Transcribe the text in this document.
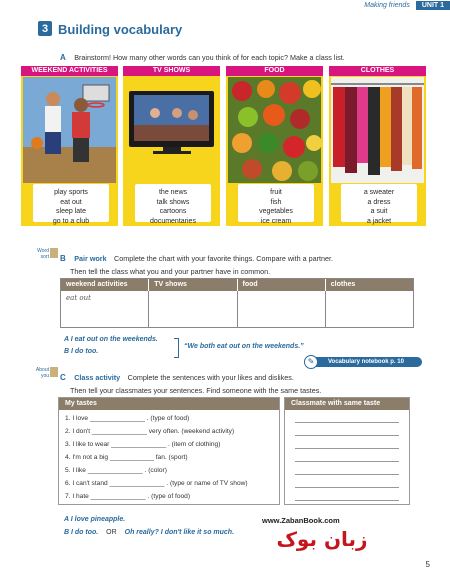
Making friends	UNIT 1
3 Building vocabulary
A Brainstorm! How many other words can you think of for each topic? Make a class list.
WEEKEND ACTIVITIES
play sports
eat out
sleep late
go to a club
TV SHOWS
the news
talk shows
cartoons
documentaries
FOOD
fruit
fish
vegetables
ice cream
CLOTHES
a sweater
a dress
a suit
a jacket
Word
sort B Pair work Complete the chart with your favorite things. Compare with a partner.
Then tell the class what you and your partner have in common.
weekend activities	TV shows	food	clothes
eat out
A I eat out on the weekends.
B I do too.
“We both eat out on the weekends.”
Vocabulary notebook p. 10
✎
About
you C Class activity Complete the sentences with your likes and dislikes.
Then tell your classmates your sentences. Find someone with the same tastes.
My tastes
1. I love _______________ . (type of food)
2. I don't _______________ very often. (weekend activity)
3. I like to wear _______________ . (item of clothing)
4. I'm not a big ____________ fan. (sport)
5. I like _______________ . (color)
6. I can't stand _______________ . (type or name of TV show)
7. I hate _______________ . (type of food)
Classmate with same taste
A I love pineapple.
B I do too. OR Oh really? I don't like it so much.
www.ZabanBook.com
زبان بوک
5
